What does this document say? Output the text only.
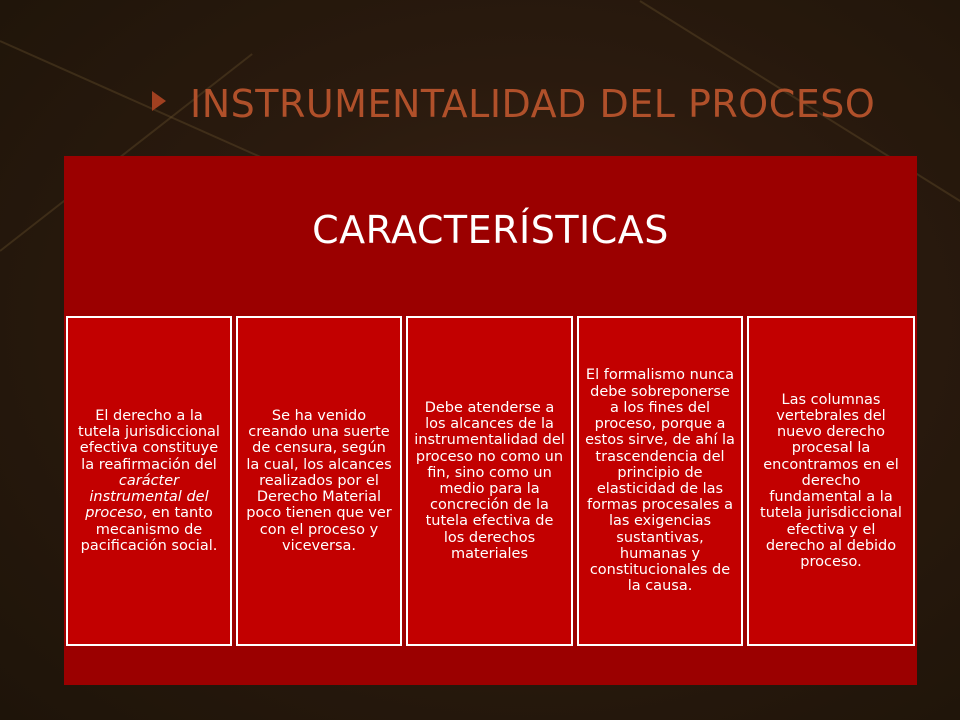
INSTRUMENTALIDAD DEL PROCESO
CARACTERÍSTICAS
El derecho a la tutela jurisdiccional efectiva constituye la reafirmación del carácter instrumental del proceso, en tanto mecanismo de pacificación social.
Se ha venido creando una suerte de censura, según la cual, los alcances realizados por el Derecho Material poco tienen que ver con el proceso y viceversa.
Debe atenderse a los alcances de la instrumentalidad del proceso no como un fin, sino como un medio para la concreción de la tutela efectiva de los derechos materiales
El formalismo nunca debe sobreponerse a los fines del proceso, porque a estos sirve, de ahí la trascendencia del principio de elasticidad de las formas procesales a las exigencias sustantivas, humanas y constitucionales de la causa.
Las columnas vertebrales del nuevo derecho procesal la encontramos en el derecho fundamental a la tutela jurisdiccional efectiva y el derecho al debido proceso.
